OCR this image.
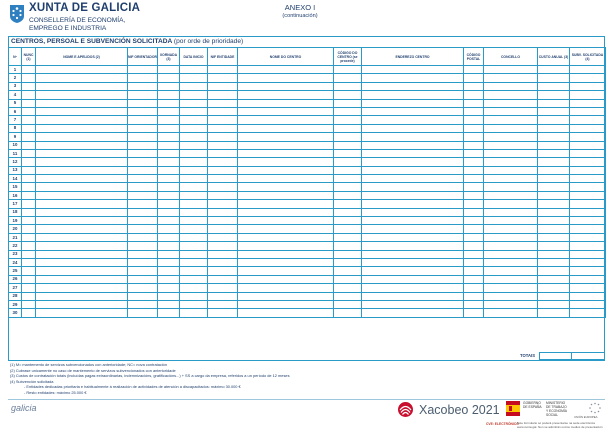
XUNTA DE GALICIA
CONSELLERÍA DE ECONOMÍA,
EMPREGO E INDUSTRIA
ANEXO I
(continuación)
CENTROS, PERSOAL E SUBVENCIÓN SOLICITADA (por orde de prioridade)
Nº	NUNC (1)	NOME E APELIDOS (2)	NIF ORIENTADOR	XORNADA (3)	DATA INICIO	NIF ENTIDADE	NOME DO CENTRO	CÓDIGO DO CENTRO (se procede)	ENDEREZO CENTRO	CÓDIGO POSTAL	CONCELLO	CUSTO ANUAL (3)	SUBV. SOLICITADA (4)
1													
2													
3													
4													
5													
6													
7													
8													
9													
10													
11													
12													
13													
14													
15													
16													
17													
18													
19													
20													
21													
22													
23													
24													
25													
26													
27													
28													
29													
30													
TOTAIS
(1) M= mantemento de servizos subvencionados con anterioridade; NC= nova contratación
(2) Cubrase unicamente no caso de mantemento de servizos subvencionados con anterioridade
(3) Custos de contratación totais (incluídas pagas extraordinarias, indemnizacións, gratificacións...) + SS a cargo da empresa, referidos a un período de 12 meses
(4) Subvención solicitada
- Entidades dedicadas prioritaria e habitualmente á realización de actividades de atención a discapacitados: máximo 30.000 €
- Resto entidades: máximo 25.000 €
galicia	Xacobeo 2021	GOBIERNO
DE ESPAÑA
MINISTERIO
DE TRABAJO
Y ECONOMÍA SOCIAL	UNIÓN EUROPEA
CVE: ELECTRÓNICO
Este formulario só poderá presentarse na sede electrónica www.xunta.gal. Non se admitirán outros medios de presentación
